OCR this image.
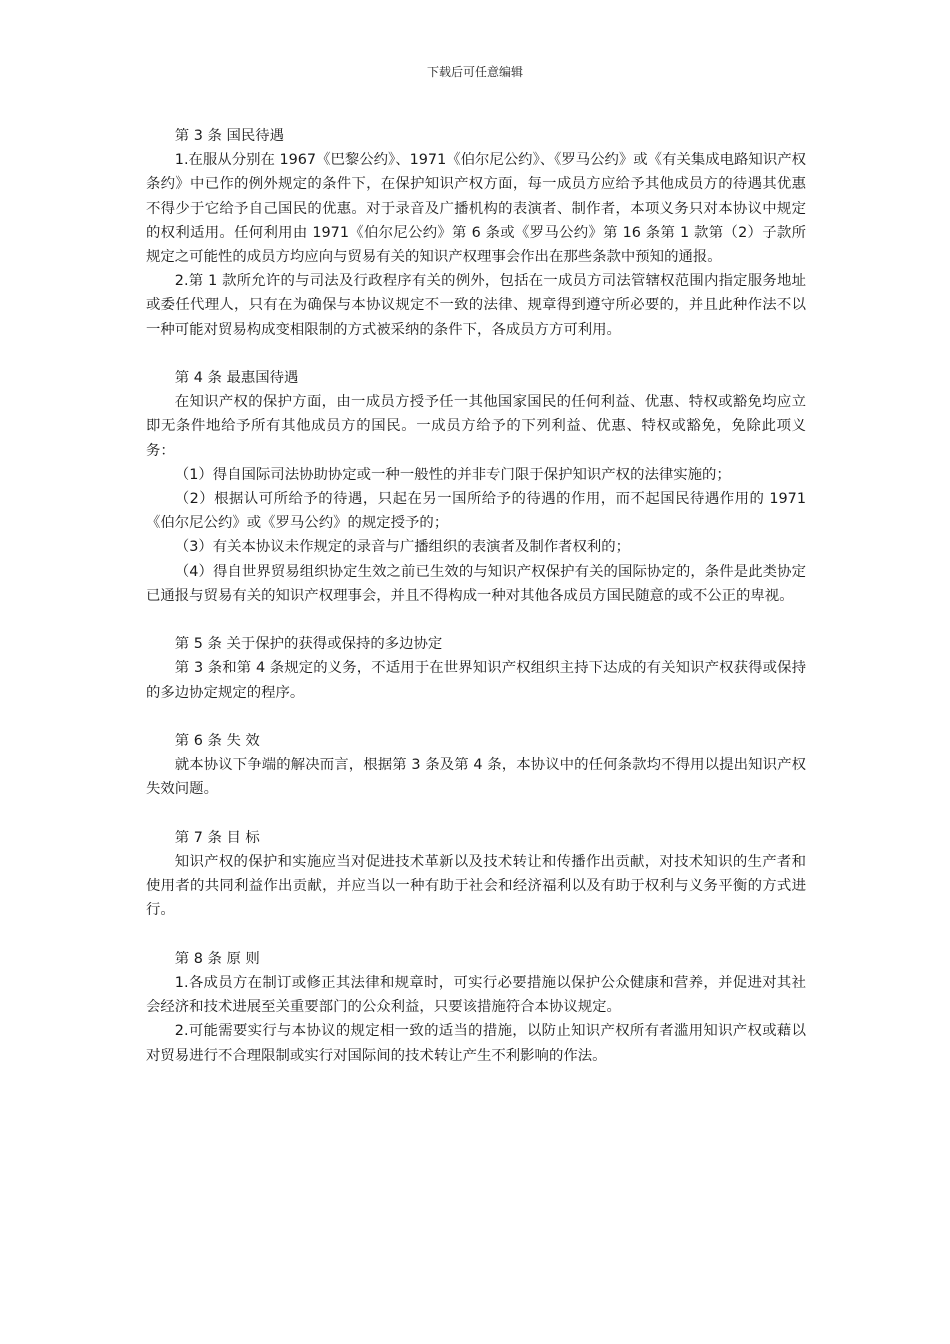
下载后可任意编辑

第 3 条 国民待遇

1.在服从分别在 1967《巴黎公约》、1971《伯尔尼公约》、《罗马公约》或《有关集成电路知识产权条约》中已作的例外规定的条件下，在保护知识产权方面，每一成员方应给予其他成员方的待遇其优惠不得少于它给予自己国民的优惠。对于录音及广播机构的表演者、制作者，本项义务只对本协议中规定的权利适用。任何利用由 1971《伯尔尼公约》第 6 条或《罗马公约》第 16 条第 1 款第（2）子款所规定之可能性的成员方均应向与贸易有关的知识产权理事会作出在那些条款中预知的通报。

2.第 1 款所允许的与司法及行政程序有关的例外，包括在一成员方司法管辖权范围内指定服务地址或委任代理人，只有在为确保与本协议规定不一致的法律、规章得到遵守所必要的，并且此种作法不以一种可能对贸易构成变相限制的方式被采纳的条件下，各成员方方可利用。

第 4 条 最惠国待遇

在知识产权的保护方面，由一成员方授予任一其他国家国民的任何利益、优惠、特权或豁免均应立即无条件地给予所有其他成员方的国民。一成员方给予的下列利益、优惠、特权或豁免，免除此项义务：

（1）得自国际司法协助协定或一种一般性的并非专门限于保护知识产权的法律实施的；

（2）根据认可所给予的待遇，只起在另一国所给予的待遇的作用，而不起国民待遇作用的 1971《伯尔尼公约》或《罗马公约》的规定授予的；

（3）有关本协议未作规定的录音与广播组织的表演者及制作者权利的；

（4）得自世界贸易组织协定生效之前已生效的与知识产权保护有关的国际协定的，条件是此类协定已通报与贸易有关的知识产权理事会，并且不得构成一种对其他各成员方国民随意的或不公正的卑视。

第 5 条 关于保护的获得或保持的多边协定

第 3 条和第 4 条规定的义务，不适用于在世界知识产权组织主持下达成的有关知识产权获得或保持的多边协定规定的程序。

第 6 条 失 效

就本协议下争端的解决而言，根据第 3 条及第 4 条，本协议中的任何条款均不得用以提出知识产权失效问题。

第 7 条 目 标

知识产权的保护和实施应当对促进技术革新以及技术转让和传播作出贡献，对技术知识的生产者和使用者的共同利益作出贡献，并应当以一种有助于社会和经济福利以及有助于权利与义务平衡的方式进行。

第 8 条 原 则

1.各成员方在制订或修正其法律和规章时，可实行必要措施以保护公众健康和营养，并促进对其社会经济和技术进展至关重要部门的公众利益，只要该措施符合本协议规定。

2.可能需要实行与本协议的规定相一致的适当的措施，以防止知识产权所有者滥用知识产权或藉以对贸易进行不合理限制或实行对国际间的技术转让产生不利影响的作法。
